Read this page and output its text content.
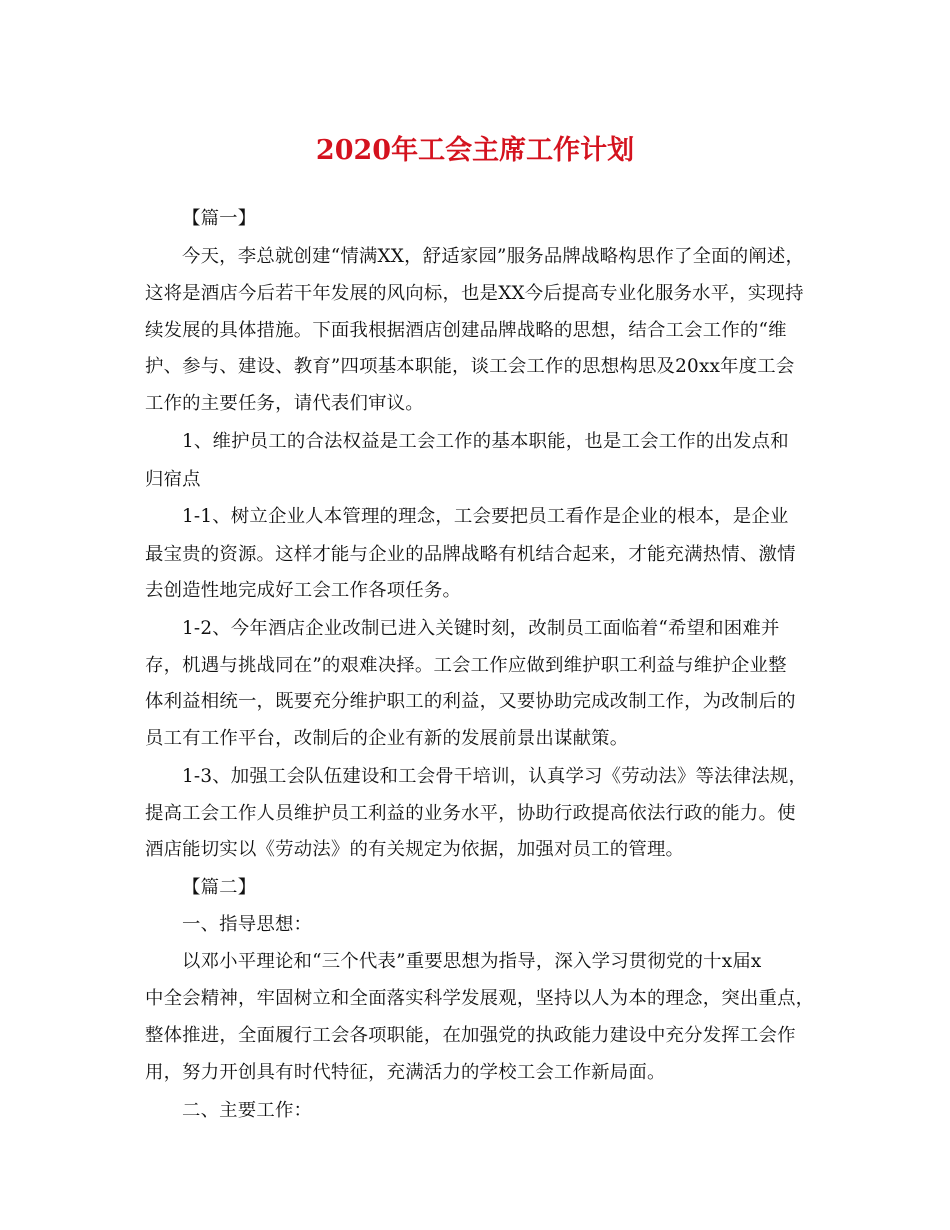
2020年工会主席工作计划
【篇一】
今天，李总就创建“情满XX，舒适家园”服务品牌战略构思作了全面的阐述，
这将是酒店今后若干年发展的风向标，也是XX今后提高专业化服务水平，实现持
续发展的具体措施。下面我根据酒店创建品牌战略的思想，结合工会工作的“维
护、参与、建设、教育”四项基本职能，谈工会工作的思想构思及20xx年度工会
工作的主要任务，请代表们审议。
1、维护员工的合法权益是工会工作的基本职能，也是工会工作的出发点和
归宿点
1-1、树立企业人本管理的理念，工会要把员工看作是企业的根本，是企业
最宝贵的资源。这样才能与企业的品牌战略有机结合起来，才能充满热情、激情
去创造性地完成好工会工作各项任务。
1-2、今年酒店企业改制已进入关键时刻，改制员工面临着“希望和困难并
存，机遇与挑战同在”的艰难决择。工会工作应做到维护职工利益与维护企业整
体利益相统一，既要充分维护职工的利益，又要协助完成改制工作，为改制后的
员工有工作平台，改制后的企业有新的发展前景出谋献策。
1-3、加强工会队伍建设和工会骨干培训，认真学习《劳动法》等法律法规，
提高工会工作人员维护员工利益的业务水平，协助行政提高依法行政的能力。使
酒店能切实以《劳动法》的有关规定为依据，加强对员工的管理。
【篇二】
一、指导思想：
以邓小平理论和“三个代表”重要思想为指导，深入学习贯彻党的十x届x
中全会精神，牢固树立和全面落实科学发展观，坚持以人为本的理念，突出重点，
整体推进，全面履行工会各项职能，在加强党的执政能力建设中充分发挥工会作
用，努力开创具有时代特征，充满活力的学校工会工作新局面。
二、主要工作：
